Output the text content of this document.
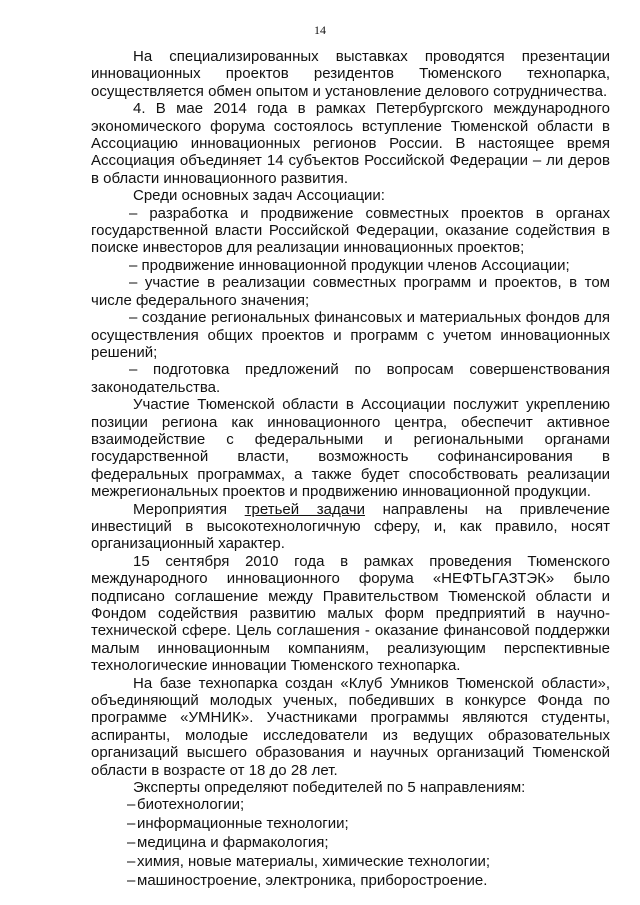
14

На специализированных выставках проводятся презентации инновационных проектов резидентов Тюменского технопарка, осуществляется обмен опытом и установление делового сотрудничества.

4. В мае 2014 года в рамках Петербургского международного экономического форума состоялось вступление Тюменской области в Ассоциацию инновационных регионов России. В настоящее время Ассоциация объединяет 14 субъектов Российской Федерации – ли деров в области инновационного развития.

Среди основных задач Ассоциации:

– разработка и продвижение совместных проектов в органах государственной власти Российской Федерации, оказание содействия в поиске инвесторов для реализации инновационных проектов;

– продвижение инновационной продукции членов Ассоциации;

– участие в реализации совместных программ и проектов, в том числе федерального значения;

– создание региональных финансовых и материальных фондов для осуществления общих проектов и программ с учетом инновационных решений;

– подготовка предложений по вопросам совершенствования законодательства.

Участие Тюменской области в Ассоциации послужит укреплению позиции региона как инновационного центра, обеспечит активное взаимодействие с федеральными и региональными органами государственной власти, возможность софинансирования в федеральных программах, а также будет способствовать реализации межрегиональных проектов и продвижению инновационной продукции.

Мероприятия третьей задачи направлены на привлечение инвестиций в высокотехнологичную сферу, и, как правило, носят организационный характер.

15 сентября 2010 года в рамках проведения Тюменского международного инновационного форума «НЕФТЬГАЗТЭК» было подписано соглашение между Правительством Тюменской области и Фондом содействия развитию малых форм предприятий в научно-технической сфере. Цель соглашения - оказание финансовой поддержки малым инновационным компаниям, реализующим перспективные технологические инновации Тюменского технопарка.

На базе технопарка создан «Клуб Умников Тюменской области», объединяющий молодых ученых, победивших в конкурсе Фонда по программе «УМНИК». Участниками программы являются студенты, аспиранты, молодые исследователи из ведущих образовательных организаций высшего образования и научных организаций Тюменской области в возрасте от 18 до 28 лет.

Эксперты определяют победителей по 5 направлениям:

– биотехнологии;
– информационные технологии;
– медицина и фармакология;
– химия, новые материалы, химические технологии;
– машиностроение, электроника, приборостроение.
